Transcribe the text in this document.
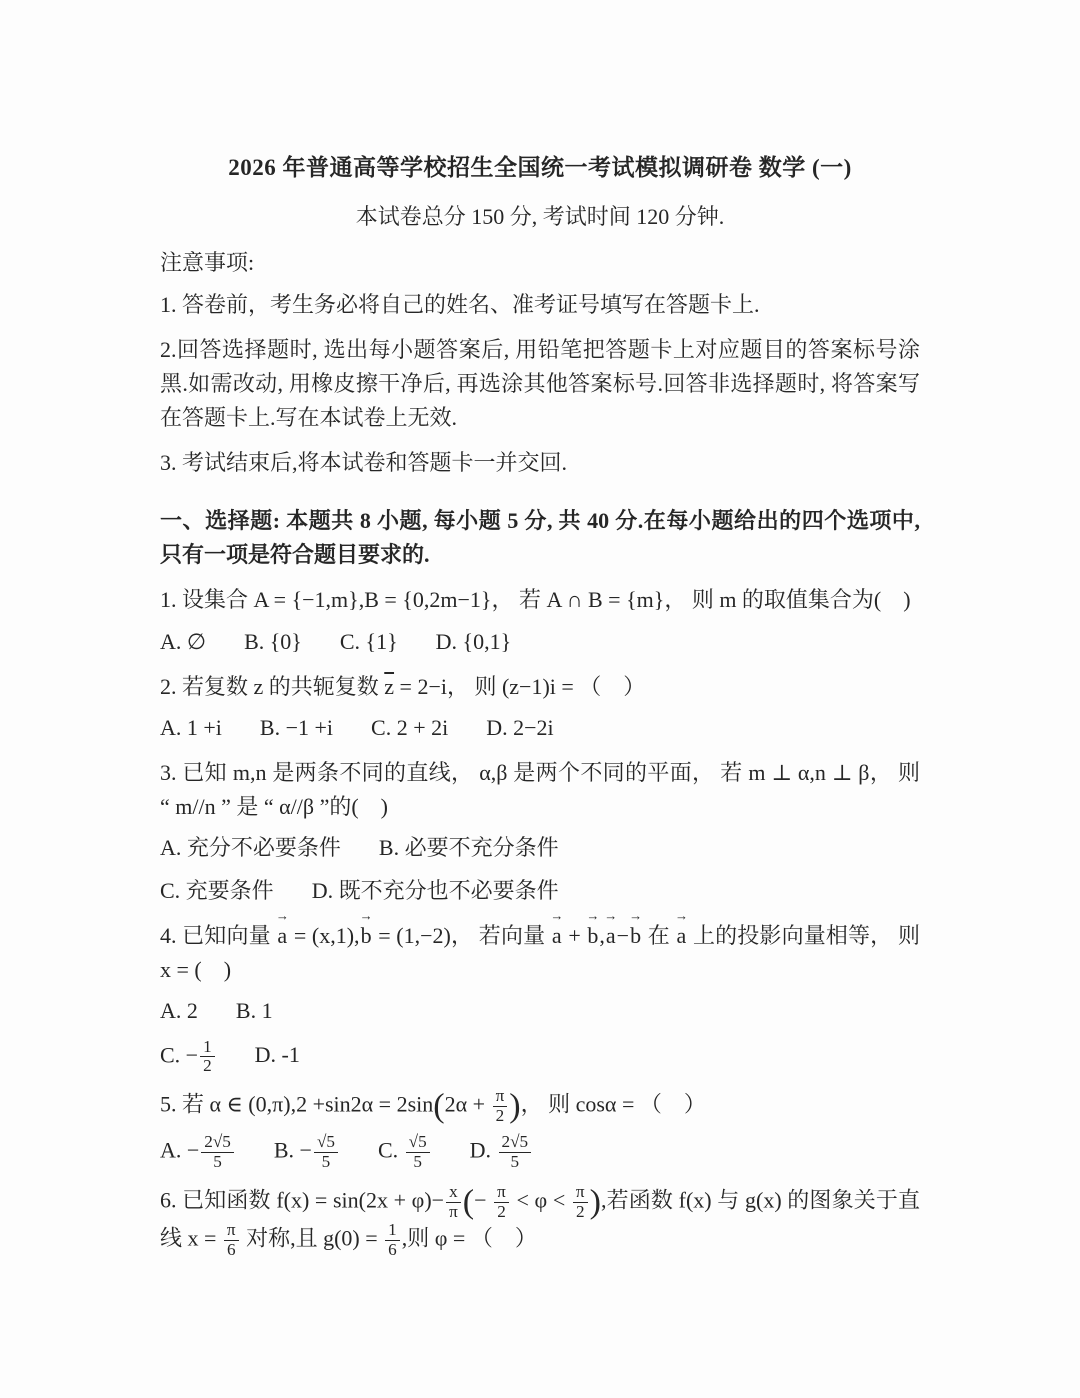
2026 年普通高等学校招生全国统一考试模拟调研卷 数学 (一)

本试卷总分 150 分, 考试时间 120 分钟.

注意事项:

1. 答卷前，考生务必将自己的姓名、准考证号填写在答题卡上.

2.回答选择题时, 选出每小题答案后, 用铅笔把答题卡上对应题目的答案标号涂黑.如需改动, 用橡皮擦干净后, 再选涂其他答案标号.回答非选择题时, 将答案写在答题卡上.写在本试卷上无效.

3. 考试结束后,将本试卷和答题卡一并交回.

一、选择题: 本题共 8 小题, 每小题 5 分, 共 40 分.在每小题给出的四个选项中, 只有一项是符合题目要求的.

1. 设集合 A = {−1,m},B = {0,2m−1}， 若 A ∩ B = {m}， 则 m 的取值集合为(　)

A. ∅ B. {0} C. {1} D. {0,1}

2. 若复数 z 的共轭复数 $\overline{z} = 2-i$， 则 (z−1)i = （　）

A. 1 +i B. −1 +i C. 2 + 2i D. 2−2i

3. 已知 m,n 是两条不同的直线， α,β 是两个不同的平面， 若 m ⊥ α,n ⊥ β， 则 “ m//n ” 是 “ α//β ”的(　)

A. 充分不必要条件 B. 必要不充分条件

C. 充要条件 D. 既不充分也不必要条件

4. 已知向量 a → = (x,1),b → = (1,−2)， 若向量 a → + b →,a →−b → 在 a → 上的投影向量相等， 则 x = (　)

A. 2 B. 1

C. − $\frac{1}{2} D$. -1

5. 若 α ∈ $(0,\pi),2 +\sin 2\alpha = 2\sin(2\alpha + \frac{\pi}{2}$ )， 则 cosα = （　）

A. − $\frac{2√5}{5} B$. − $\frac{√5}{5} C$. $\frac{√5}{5} D$. $\frac{2√5}{5}$

6. 已知函数 $f(x) = \sin(2x + \varphi)- \frac{x}{\pi}$ (− $\frac{\pi}{2} < \varphi < \frac{\pi}{2}$ ),若函数 f(x) 与 g(x) 的图象关于直线 $x = \frac{\pi}{6}$ 对称,且 $g(0) = \frac{1}{6}$ ,则 φ = （　）
